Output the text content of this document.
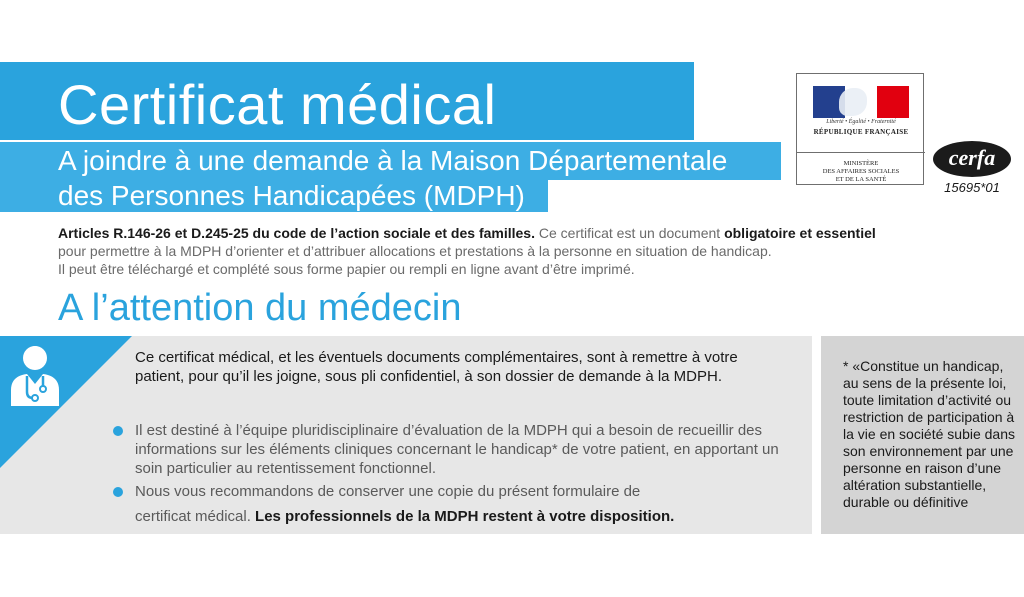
Certificat médical
A joindre à une demande à la Maison Départementale
des Personnes Handicapées (MDPH)
Liberté • Égalité • Fraternité
RÉPUBLIQUE FRANÇAISE
MINISTÈRE
DES AFFAIRES SOCIALES
ET DE LA SANTÉ
cerfa
15695*01
Articles R.146-26 et D.245-25 du code de l’action sociale et des familles. Ce certificat est un document obligatoire et essentiel
pour permettre à la MDPH d’orienter et d’attribuer allocations et prestations à la personne en situation de handicap.
Il peut être téléchargé et complété sous forme papier ou rempli en ligne avant d’être imprimé.
A l’attention du médecin
Ce certificat médical, et les éventuels documents complémentaires, sont à remettre à votre patient, pour qu’il les joigne, sous pli confidentiel, à son dossier de demande à la MDPH.
Il est destiné à l’équipe pluridisciplinaire d’évaluation de la MDPH qui a besoin de recueillir des informations sur les éléments cliniques concernant le handicap* de votre patient, en apportant un soin particulier au retentissement fonctionnel.
Nous vous recommandons de conserver une copie du présent formulaire de
certificat médical. Les professionnels de la MDPH restent à votre disposition.
* «Constitue un handicap, au sens de la présente loi, toute limitation d’activité ou restriction de participation à la vie en société subie dans son environnement par une personne en raison d’une altération substantielle, durable ou définitive
